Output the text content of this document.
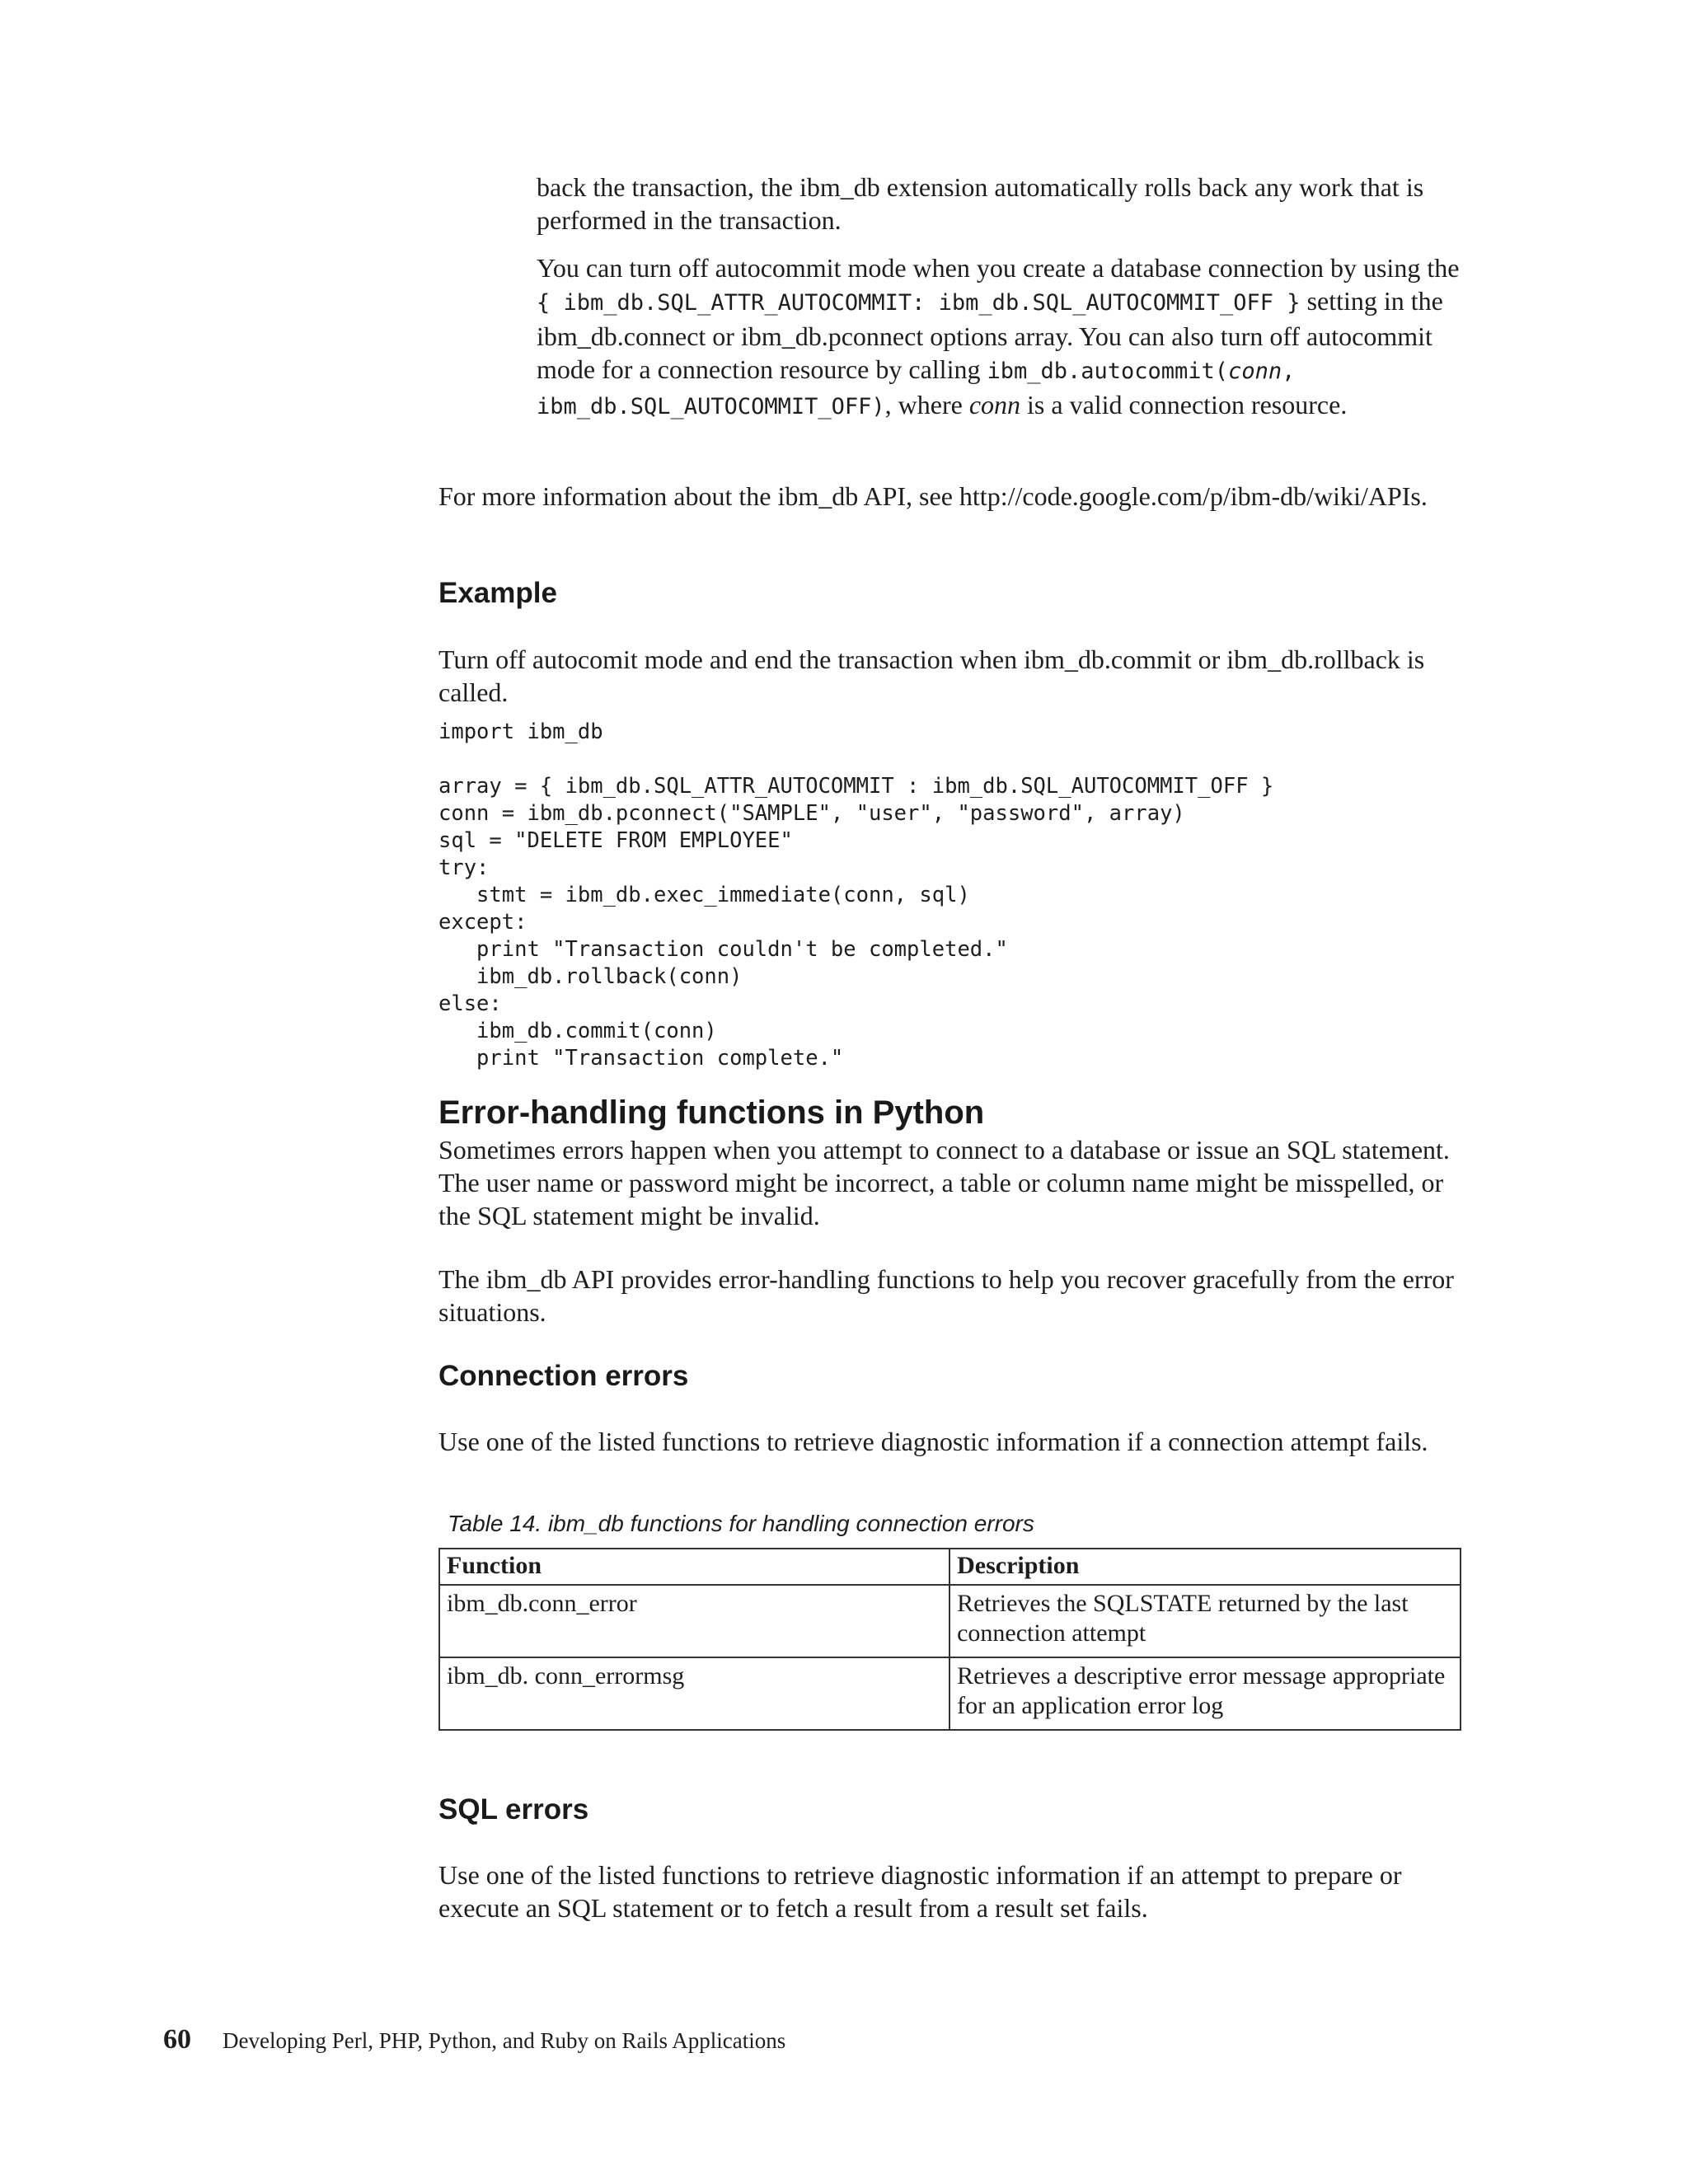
back the transaction, the ibm_db extension automatically rolls back any work that is performed in the transaction.

You can turn off autocommit mode when you create a database connection by using the { ibm_db.SQL_ATTR_AUTOCOMMIT: ibm_db.SQL_AUTOCOMMIT_OFF } setting in the ibm_db.connect or ibm_db.pconnect options array. You can also turn off autocommit mode for a connection resource by calling ibm_db.autocommit(conn, ibm_db.SQL_AUTOCOMMIT_OFF), where conn is a valid connection resource.

For more information about the ibm_db API, see http://code.google.com/p/ibm-db/wiki/APIs.
Example
Turn off autocomit mode and end the transaction when ibm_db.commit or ibm_db.rollback is called.
import ibm_db

array = { ibm_db.SQL_ATTR_AUTOCOMMIT : ibm_db.SQL_AUTOCOMMIT_OFF }
conn = ibm_db.pconnect("SAMPLE", "user", "password", array)
sql = "DELETE FROM EMPLOYEE"
try:
stmt = ibm_db.exec_immediate(conn, sql)
except:
print "Transaction couldn't be completed."
ibm_db.rollback(conn)
else:
ibm_db.commit(conn)
print "Transaction complete."
Error-handling functions in Python
Sometimes errors happen when you attempt to connect to a database or issue an SQL statement. The user name or password might be incorrect, a table or column name might be misspelled, or the SQL statement might be invalid.
The ibm_db API provides error-handling functions to help you recover gracefully from the error situations.
Connection errors
Use one of the listed functions to retrieve diagnostic information if a connection attempt fails.
Table 14. ibm_db functions for handling connection errors
Function	Description
ibm_db.conn_error	Retrieves the SQLSTATE returned by the last connection attempt
ibm_db. conn_errormsg	Retrieves a descriptive error message appropriate for an application error log
SQL errors
Use one of the listed functions to retrieve diagnostic information if an attempt to prepare or execute an SQL statement or to fetch a result from a result set fails.
60 Developing Perl, PHP, Python, and Ruby on Rails Applications
